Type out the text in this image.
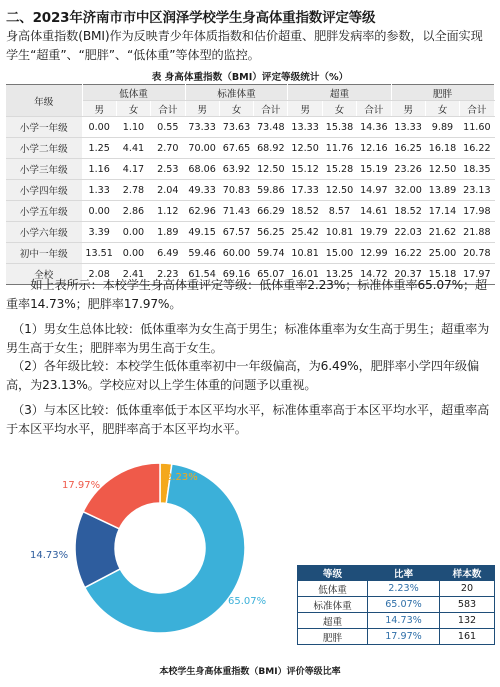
二、2023年济南市市中区润泽学校学生身高体重指数评定等级
身高体重指数(BMI)作为反映青少年体质指数和估价超重、肥胖发病率的参数，以全面实现学生“超重”、“肥胖”、“低体重”等体型的监控。
表 身高体重指数（BMI）评定等级统计（%）
年级	低体重			标准体重			超重			肥胖		
	男	女	合计	男	女	合计	男	女	合计	男	女	合计
小学一年级	0.00	1.10	0.55	73.33	73.63	73.48	13.33	15.38	14.36	13.33	9.89	11.60
小学二年级	1.25	4.41	2.70	70.00	67.65	68.92	12.50	11.76	12.16	16.25	16.18	16.22
小学三年级	1.16	4.17	2.53	68.06	63.92	12.50	15.12	15.28	15.19	23.26	12.50	18.35
小学四年级	1.33	2.78	2.04	49.33	70.83	59.86	17.33	12.50	14.97	32.00	13.89	23.13
小学五年级	0.00	2.86	1.12	62.96	71.43	66.29	18.52	8.57	14.61	18.52	17.14	17.98
小学六年级	3.39	0.00	1.89	49.15	67.57	56.25	25.42	10.81	19.79	22.03	21.62	21.88
初中一年级	13.51	0.00	6.49	59.46	60.00	59.74	10.81	15.00	12.99	16.22	25.00	20.78
全校	2.08	2.41	2.23	61.54	69.16	65.07	16.01	13.25	14.72	20.37	15.18	17.97
如上表所示：本校学生身高体重评定等级：低体重率2.23%；标准体重率65.07%；超重率14.73%；肥胖率17.97%。
（1）男女生总体比较：低体重率为女生高于男生；标准体重率为女生高于男生；超重率为男生高于女生；肥胖率为男生高于女生。
（2）各年级比较：本校学生低体重率初中一年级偏高，为6.49%，肥胖率小学四年级偏高，为23.13%。学校应对以上学生体重的问题予以重视。
（3）与本区比较：低体重率低于本区平均水平，标准体重率高于本区平均水平，超重率高于本区平均水平，肥胖率高于本区平均水平。
2.23%
65.07%
14.73%
17.97%
等级	比率	样本数
低体重	2.23%	20
标准体重	65.07%	583
超重	14.73%	132
肥胖	17.97%	161
本校学生身高体重指数（BMI）评价等级比率
